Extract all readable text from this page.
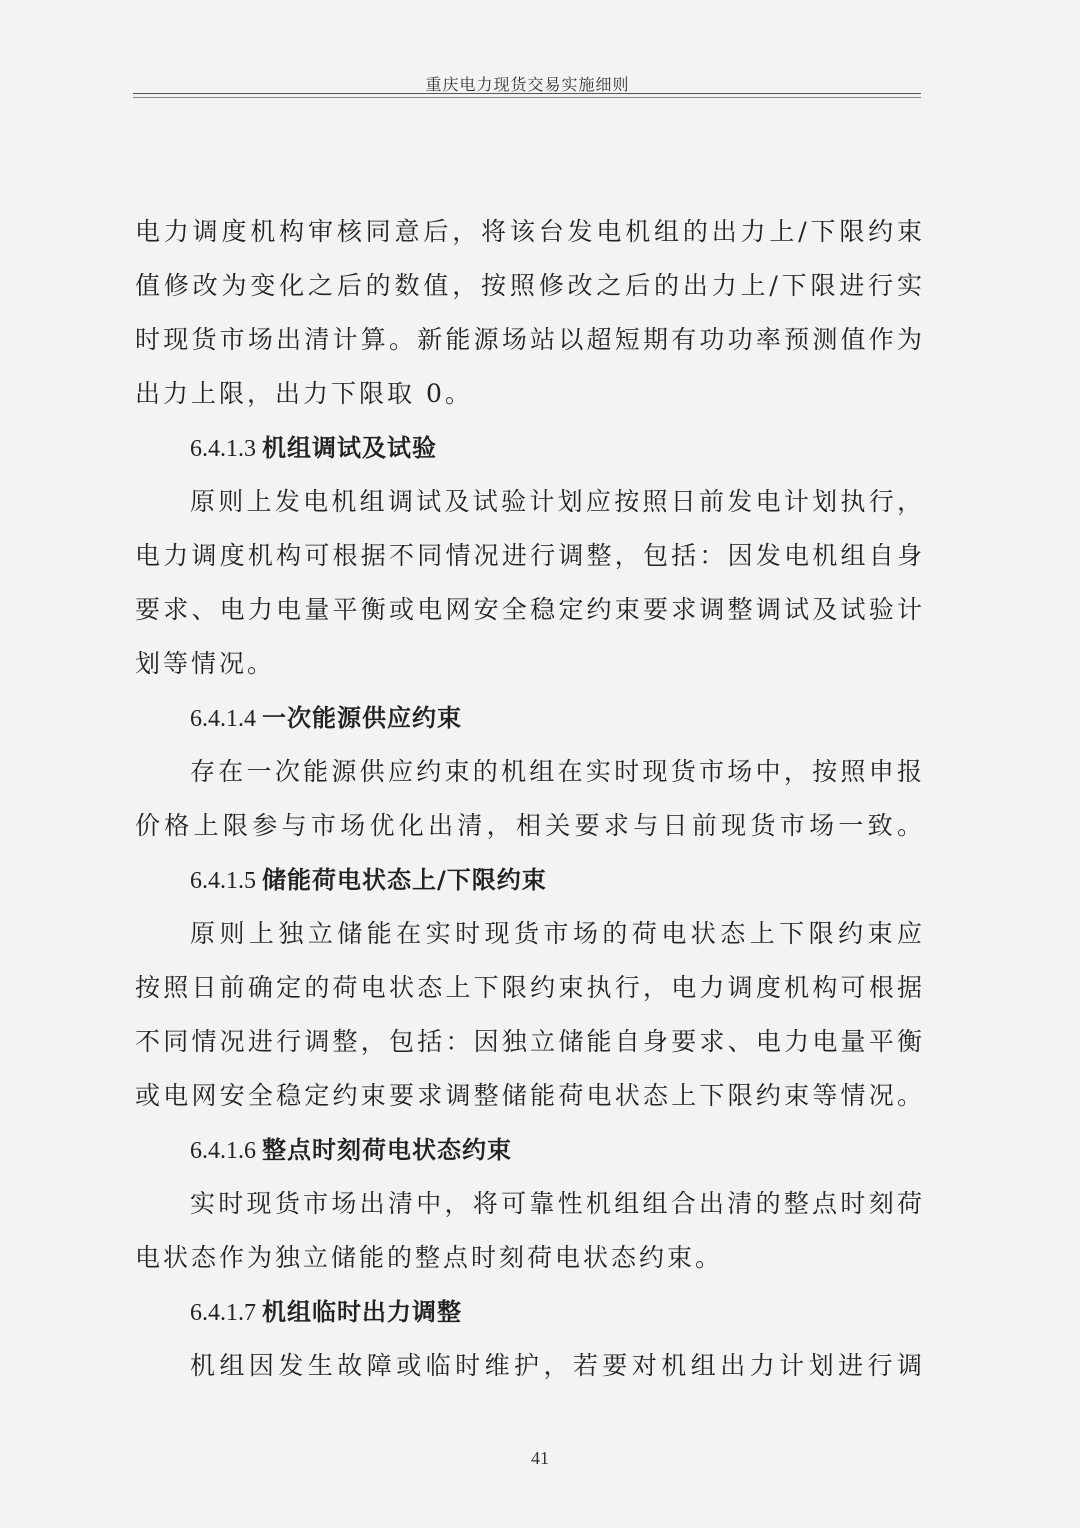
重庆电力现货交易实施细则
电力调度机构审核同意后，将该台发电机组的出力上/下限约束
值修改为变化之后的数值，按照修改之后的出力上/下限进行实
时现货市场出清计算。新能源场站以超短期有功功率预测值作为
出力上限，出力下限取 0。
6.4.1.3 机组调试及试验
原则上发电机组调试及试验计划应按照日前发电计划执行，
电力调度机构可根据不同情况进行调整，包括：因发电机组自身
要求、电力电量平衡或电网安全稳定约束要求调整调试及试验计
划等情况。
6.4.1.4 一次能源供应约束
存在一次能源供应约束的机组在实时现货市场中，按照申报
价格上限参与市场优化出清，相关要求与日前现货市场一致。
6.4.1.5 储能荷电状态上/下限约束
原则上独立储能在实时现货市场的荷电状态上下限约束应
按照日前确定的荷电状态上下限约束执行，电力调度机构可根据
不同情况进行调整，包括：因独立储能自身要求、电力电量平衡
或电网安全稳定约束要求调整储能荷电状态上下限约束等情况。
6.4.1.6 整点时刻荷电状态约束
实时现货市场出清中，将可靠性机组组合出清的整点时刻荷
电状态作为独立储能的整点时刻荷电状态约束。
6.4.1.7 机组临时出力调整
机组因发生故障或临时维护，若要对机组出力计划进行调
41
